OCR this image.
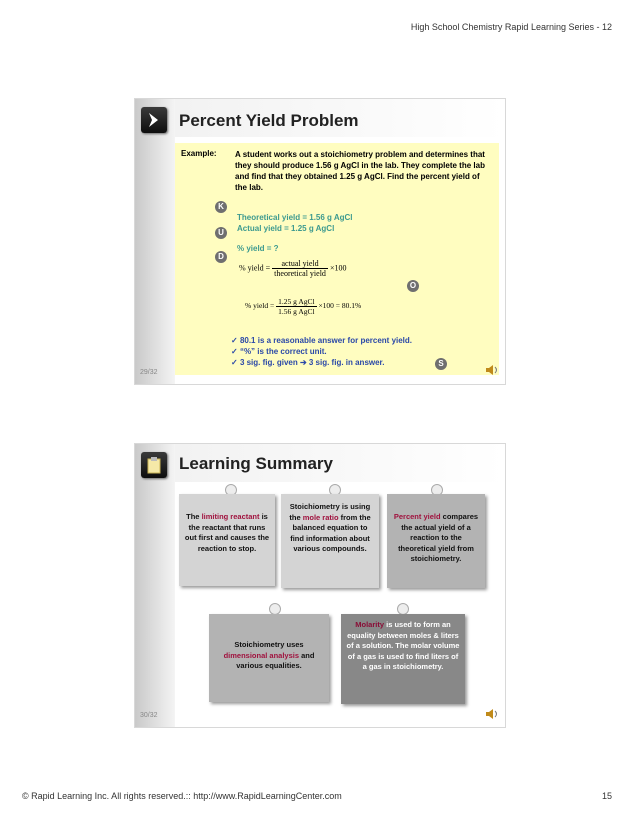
High School Chemistry Rapid Learning Series - 12
Percent Yield Problem
Example: A student works out a stoichiometry problem and determines that they should produce 1.56 g AgCl in the lab. They complete the lab and find that they obtained 1.25 g AgCl. Find the percent yield of the lab.
K
U
D
O
S
Theoretical yield = 1.56 g AgCl
Actual yield = 1.25 g AgCl
% yield = ?
% yield = $\frac{\text{actual yield}}{\text{theoretical yield}} \times 100$
% yield = $\frac{\text{1.25 g AgCl}}{\text{1.56 g AgCl}} \times 100 = 80.1\%$
✓ 80.1 is a reasonable answer for percent yield.
✓ “%” is the correct unit.
✓ 3 sig. fig. given ➔ 3 sig. fig. in answer.
29/32
Learning Summary
The limiting reactant is the reactant that runs out first and causes the reaction to stop.
Stoichiometry is using the mole ratio from the balanced equation to find information about various compounds.
Percent yield compares the actual yield of a reaction to the theoretical yield from stoichiometry.
Stoichiometry uses dimensional analysis and various equalities.
Molarity is used to form an equality between moles & liters of a solution. The molar volume of a gas is used to find liters of a gas in stoichiometry.
30/32
© Rapid Learning Inc. All rights reserved.:: http://www.RapidLearningCenter.com	15
